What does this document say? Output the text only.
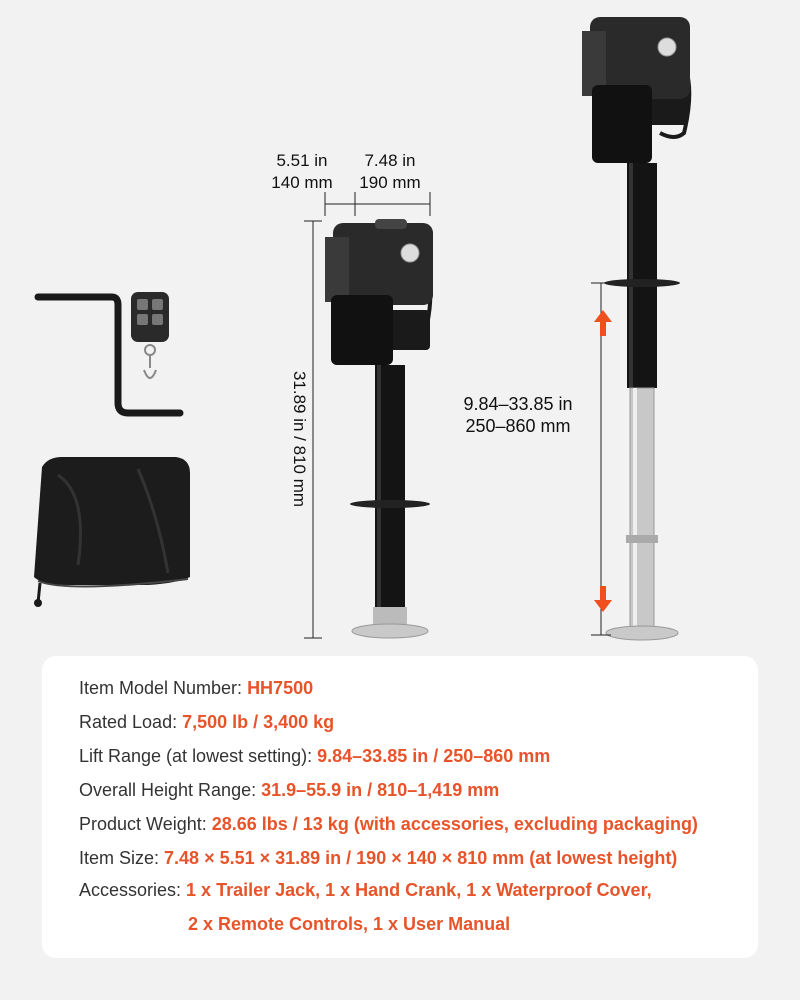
5.51 in
140 mm
7.48 in
190 mm
31.89 in / 810 mm	9.84–33.85 in
250–860 mm
Item Model Number: HH7500
Rated Load: 7,500 lb / 3,400 kg
Lift Range (at lowest setting): 9.84–33.85 in / 250–860 mm
Overall Height Range: 31.9–55.9 in / 810–1,419 mm
Product Weight: 28.66 lbs / 13 kg (with accessories, excluding packaging)
Item Size: 7.48 × 5.51 × 31.89 in / 190 × 140 × 810 mm (at lowest height)
Accessories: 1 x Trailer Jack, 1 x Hand Crank, 1 x Waterproof Cover,
2 x Remote Controls, 1 x User Manual
